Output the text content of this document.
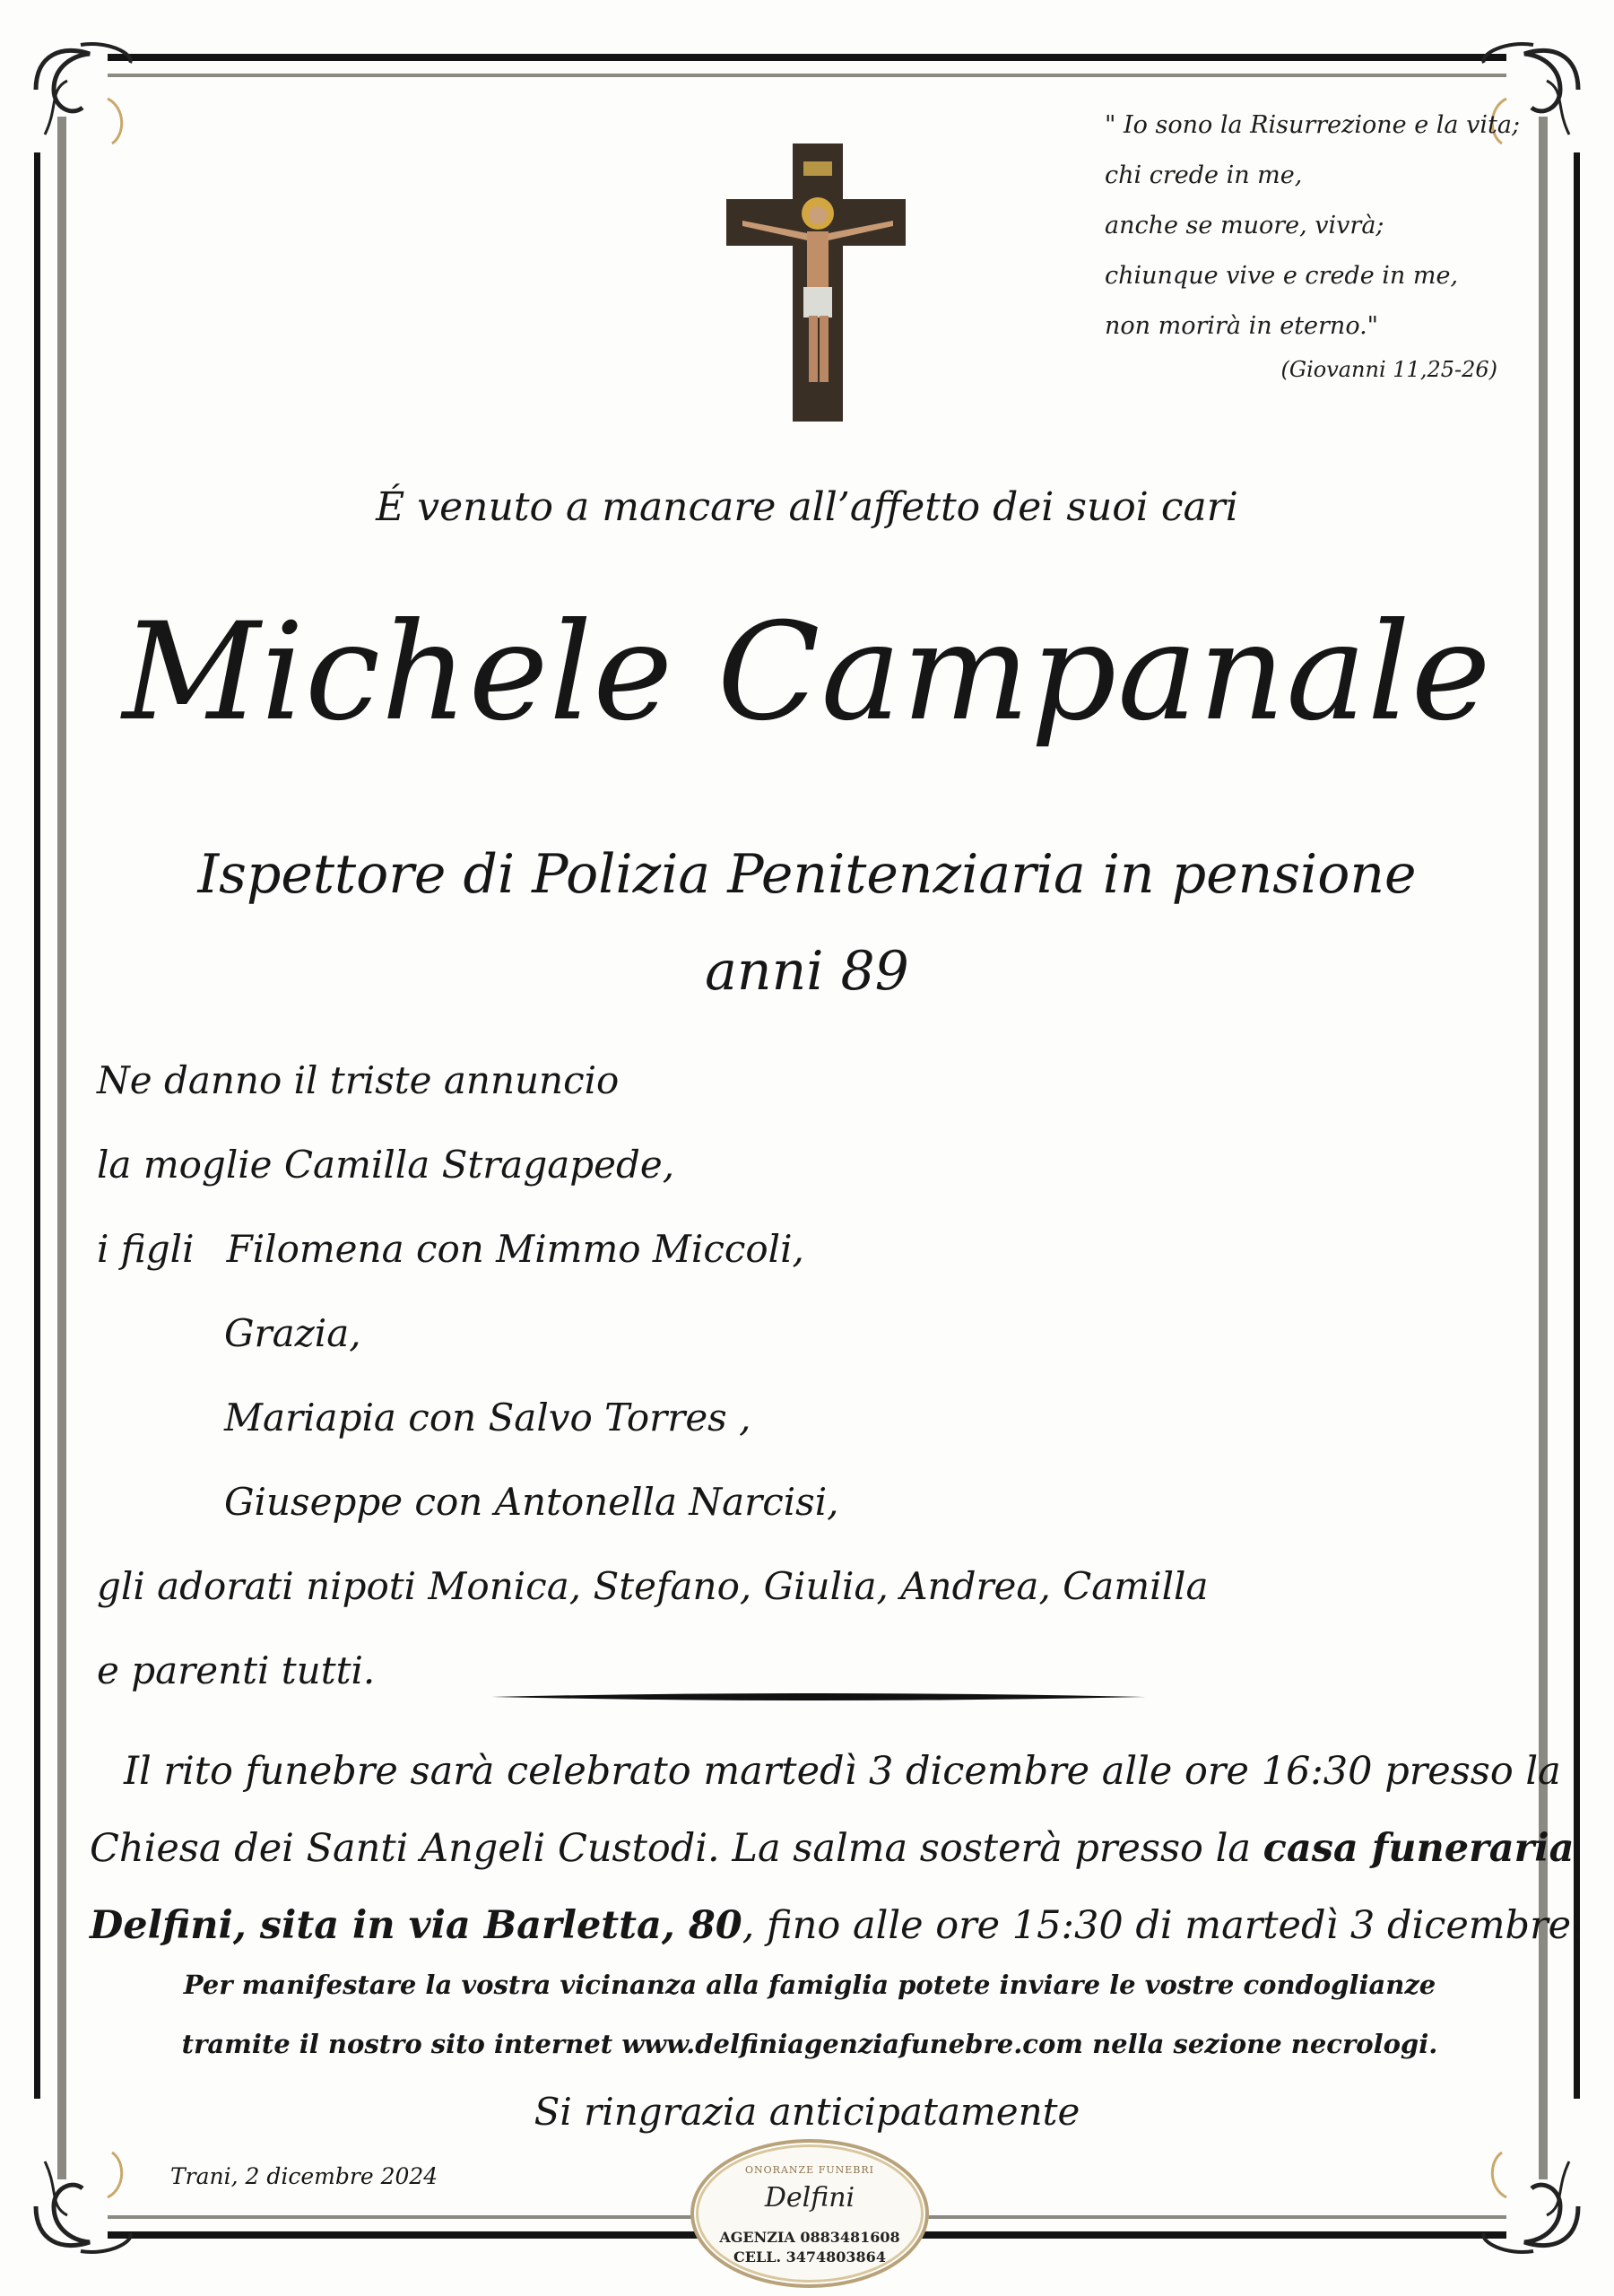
" Io sono la Risurrezione e la vita;
chi crede in me,
anche se muore, vivrà;
chiunque vive e crede in me,
non morirà in eterno."
(Giovanni 11,25-26)
É venuto a mancare all’affetto dei suoi cari
Michele Campanale
Ispettore di Polizia Penitenziaria in pensione
anni 89
Ne danno il triste annuncio
la moglie Camilla Stragapede,
i figli Filomena con Mimmo Miccoli,
Grazia,
Mariapia con Salvo Torres ,
Giuseppe con Antonella Narcisi,
gli adorati nipoti Monica, Stefano, Giulia, Andrea, Camilla
e parenti tutti.
Il rito funebre sarà celebrato martedì 3 dicembre alle ore 16:30 presso la
Chiesa dei Santi Angeli Custodi. La salma sosterà presso la casa funeraria
Delfini, sita in via Barletta, 80, fino alle ore 15:30 di martedì 3 dicembre.
Per manifestare la vostra vicinanza alla famiglia potete inviare le vostre condoglianze
tramite il nostro sito internet www.delfiniagenziafunebre.com nella sezione necrologi.
Si ringrazia anticipatamente
Trani, 2 dicembre 2024	ONORANZE FUNEBRI
Delfini
AGENZIA 0883481608
CELL. 3474803864
